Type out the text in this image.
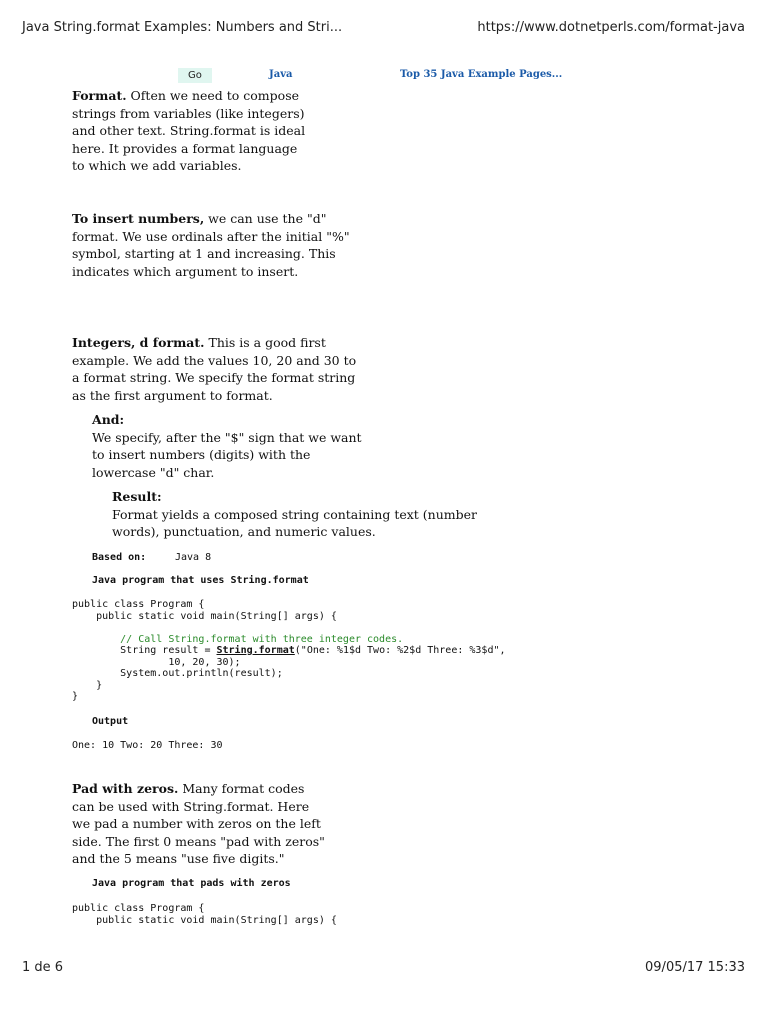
Java String.format Examples: Numbers and Stri...	https://www.dotnetperls.com/format-java
Go	Java	Top 35 Java Example Pages...
Format. Often we need to compose
strings from variables (like integers)
and other text. String.format is ideal
here. It provides a format language
to which we add variables.
To insert numbers, we can use the "d"
format. We use ordinals after the initial "%"
symbol, starting at 1 and increasing. This
indicates which argument to insert.
Integers, d format. This is a good first
example. We add the values 10, 20 and 30 to
a format string. We specify the format string
as the first argument to format.
And:
We specify, after the "$" sign that we want
to insert numbers (digits) with the
lowercase "d" char.
Result:
Format yields a composed string containing text (number
words), punctuation, and numeric values.
Based on:	Java 8
Java program that uses String.format
public class Program {
public static void main(String[] args) {

// Call String.format with three integer codes.
String result = String.format("One: %1$d Two: %2$d Three: %3$d",
10, 20, 30);
System.out.println(result);
}
}
Output
One: 10 Two: 20 Three: 30
Pad with zeros. Many format codes
can be used with String.format. Here
we pad a number with zeros on the left
side. The first 0 means "pad with zeros"
and the 5 means "use five digits."
Java program that pads with zeros
public class Program {
public static void main(String[] args) {
1 de 6	09/05/17 15:33
